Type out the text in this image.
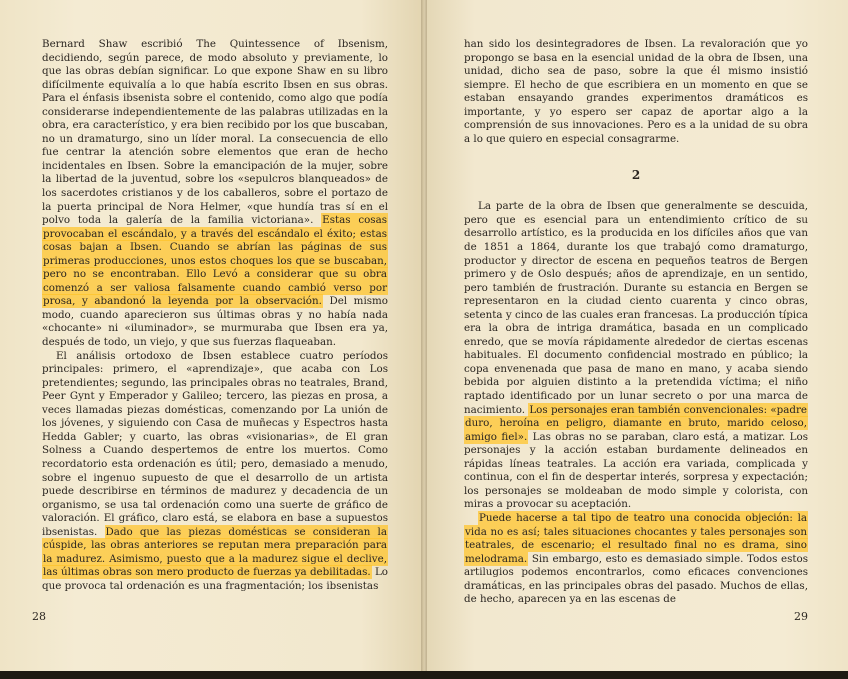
Bernard Shaw escribió The Quintessence of Ibsenism, decidiendo, según parece, de modo absoluto y previamente, lo que las obras debían significar. Lo que expone Shaw en su libro difícilmente equivalía a lo que había escrito Ibsen en sus obras. Para el énfasis ibsenista sobre el contenido, como algo que podía considerarse independientemente de las palabras utilizadas en la obra, era característico, y era bien recibido por los que buscaban, no un dramaturgo, sino un líder moral. La consecuencia de ello fue centrar la atención sobre elementos que eran de hecho incidentales en Ibsen. Sobre la emancipación de la mujer, sobre la libertad de la juventud, sobre los «sepulcros blanqueados» de los sacerdotes cristianos y de los caballeros, sobre el portazo de la puerta principal de Nora Helmer, «que hundía tras sí en el polvo toda la galería de la familia victoriana». Estas cosas provocaban el escándalo, y a través del escándalo el éxito; estas cosas bajan a Ibsen. Cuando se abrían las páginas de sus primeras producciones, unos estos choques los que se buscaban, pero no se encontraban. Ello Levó a considerar que su obra comenzó a ser valiosa falsamente cuando cambió verso por prosa, y abandonó la leyenda por la observación. Del mismo modo, cuando aparecieron sus últimas obras y no había nada «chocante» ni «iluminador», se murmuraba que Ibsen era ya, después de todo, un viejo, y que sus fuerzas flaqueaban.

El análisis ortodoxo de Ibsen establece cuatro períodos principales: primero, el «aprendizaje», que acaba con Los pretendientes; segundo, las principales obras no teatrales, Brand, Peer Gynt y Emperador y Galileo; tercero, las piezas en prosa, a veces llamadas piezas domésticas, comenzando por La unión de los jóvenes, y siguiendo con Casa de muñecas y Espectros hasta Hedda Gabler; y cuarto, las obras «visionarias», de El gran Solness a Cuando despertemos de entre los muertos. Como recordatorio esta ordenación es útil; pero, demasiado a menudo, sobre el ingenuo supuesto de que el desarrollo de un artista puede describirse en términos de madurez y decadencia de un organismo, se usa tal ordenación como una suerte de gráfico de valoración. El gráfico, claro está, se elabora en base a supuestos ibsenistas. Dado que las piezas domésticas se consideran la cúspide, las obras anteriores se reputan mera preparación para la madurez. Asimismo, puesto que a la madurez sigue el declive, las últimas obras son mero producto de fuerzas ya debilitadas. Lo que provoca tal ordenación es una fragmentación; los ibsenistas

28

han sido los desintegradores de Ibsen. La revaloración que yo propongo se basa en la esencial unidad de la obra de Ibsen, una unidad, dicho sea de paso, sobre la que él mismo insistió siempre. El hecho de que escribiera en un momento en que se estaban ensayando grandes experimentos dramáticos es importante, y yo espero ser capaz de aportar algo a la comprensión de sus innovaciones. Pero es a la unidad de su obra a lo que quiero en especial consagrarme.

2

La parte de la obra de Ibsen que generalmente se descuida, pero que es esencial para un entendimiento crítico de su desarrollo artístico, es la producida en los difíciles años que van de 1851 a 1864, durante los que trabajó como dramaturgo, productor y director de escena en pequeños teatros de Bergen primero y de Oslo después; años de aprendizaje, en un sentido, pero también de frustración. Durante su estancia en Bergen se representaron en la ciudad ciento cuarenta y cinco obras, setenta y cinco de las cuales eran francesas. La producción típica era la obra de intriga dramática, basada en un complicado enredo, que se movía rápidamente alrededor de ciertas escenas habituales. El documento confidencial mostrado en público; la copa envenenada que pasa de mano en mano, y acaba siendo bebida por alguien distinto a la pretendida víctima; el niño raptado identificado por un lunar secreto o por una marca de nacimiento. Los personajes eran también convencionales: «padre duro, heroína en peligro, diamante en bruto, marido celoso, amigo fiel». Las obras no se paraban, claro está, a matizar. Los personajes y la acción estaban burdamente delineados en rápidas líneas teatrales. La acción era variada, complicada y continua, con el fin de despertar interés, sorpresa y expectación; los personajes se moldeaban de modo simple y colorista, con miras a provocar su aceptación.

Puede hacerse a tal tipo de teatro una conocida objeción: la vida no es así; tales situaciones chocantes y tales personajes son teatrales, de escenario; el resultado final no es drama, sino melodrama. Sin embargo, esto es demasiado simple. Todos estos artilugios podemos encontrarlos, como eficaces convenciones dramáticas, en las principales obras del pasado. Muchos de ellas, de hecho, aparecen ya en las escenas de

29
